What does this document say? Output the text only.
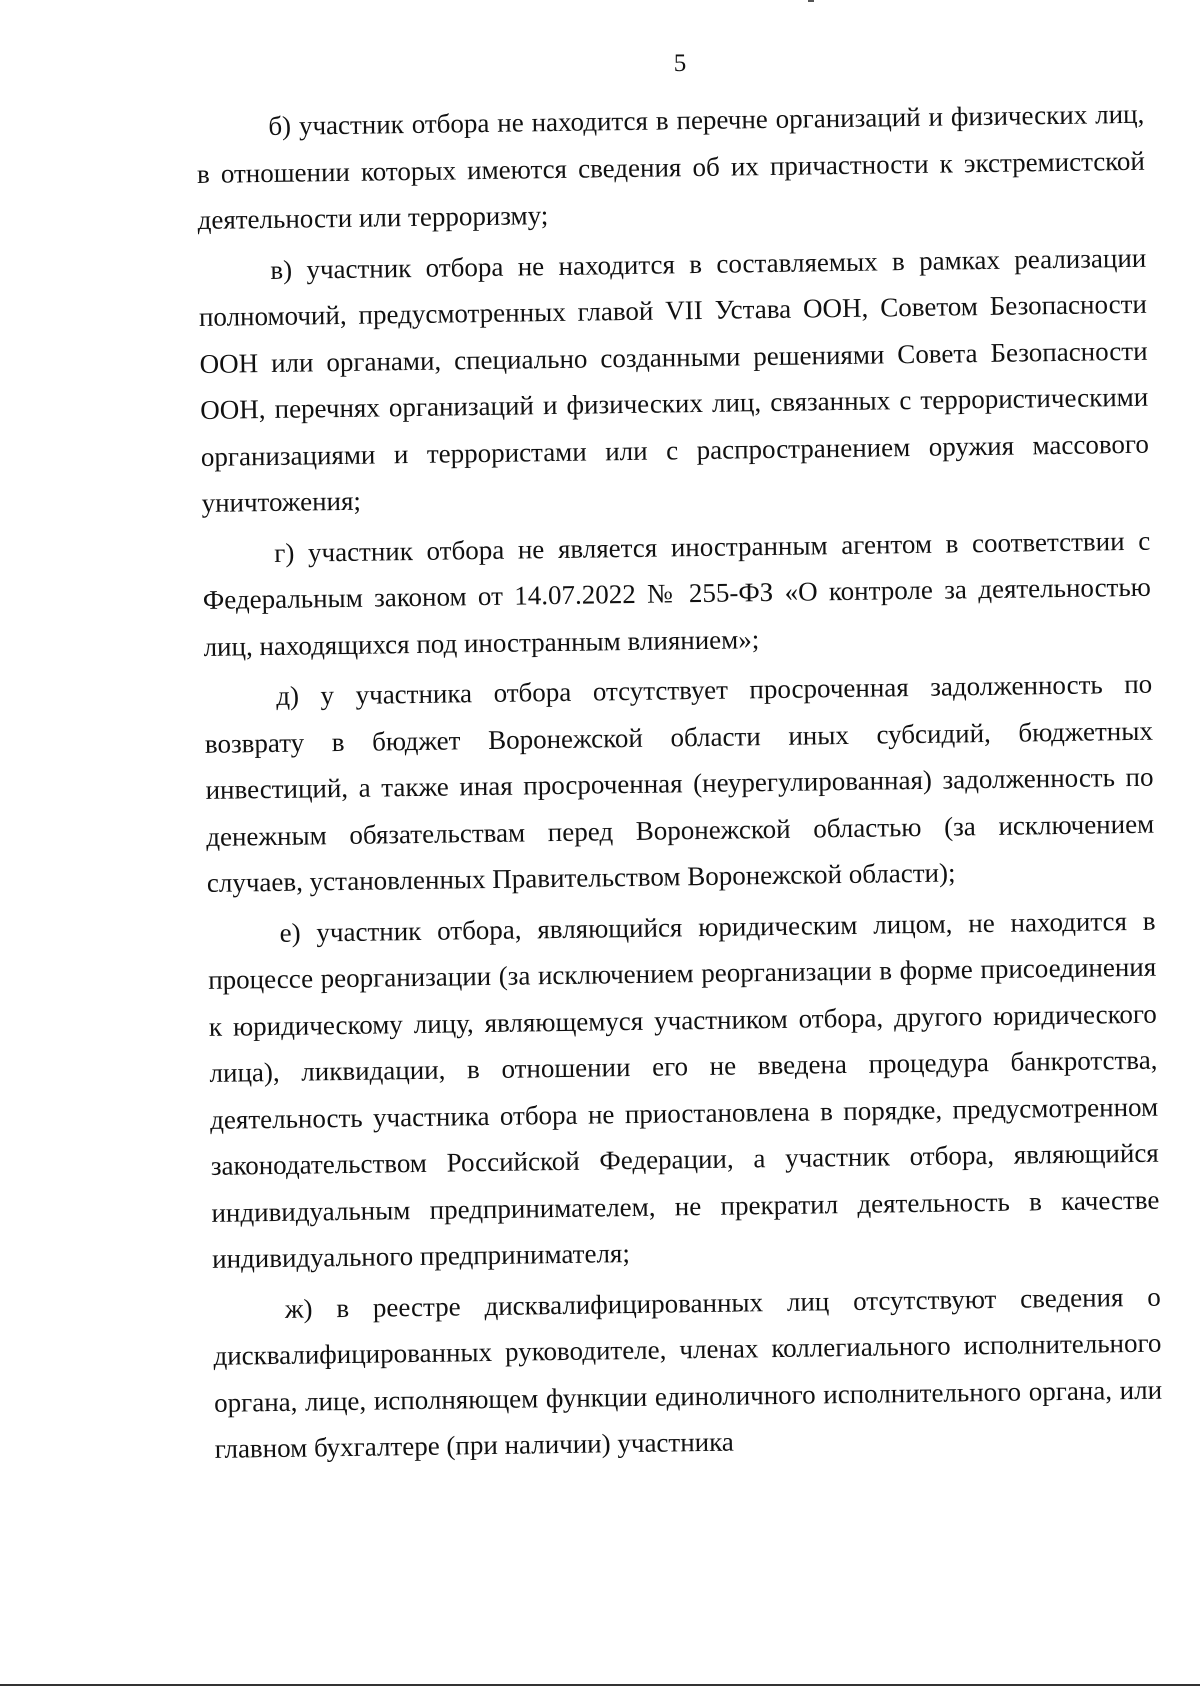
5

б) участник отбора не находится в перечне организаций и физических лиц, в отношении которых имеются сведения об их причастности к экстремистской деятельности или терроризму;

в) участник отбора не находится в составляемых в рамках реализации полномочий, предусмотренных главой VII Устава ООН, Советом Безопасности ООН или органами, специально созданными решениями Совета Безопасности ООН, перечнях организаций и физических лиц, связанных с террористическими организациями и террористами или с распространением оружия массового уничтожения;

г) участник отбора не является иностранным агентом в соответствии с Федеральным законом от 14.07.2022 № 255-ФЗ «О контроле за деятельностью лиц, находящихся под иностранным влиянием»;

д) у участника отбора отсутствует просроченная задолженность по возврату в бюджет Воронежской области иных субсидий, бюджетных инвестиций, а также иная просроченная (неурегулированная) задолженность по денежным обязательствам перед Воронежской областью (за исключением случаев, установленных Правительством Воронежской области);

е) участник отбора, являющийся юридическим лицом, не находится в процессе реорганизации (за исключением реорганизации в форме присоединения к юридическому лицу, являющемуся участником отбора, другого юридического лица), ликвидации, в отношении его не введена процедура банкротства, деятельность участника отбора не приостановлена в порядке, предусмотренном законодательством Российской Федерации, а участник отбора, являющийся индивидуальным предпринимателем, не прекратил деятельность в качестве индивидуального предпринимателя;

ж) в реестре дисквалифицированных лиц отсутствуют сведения о дисквалифицированных руководителе, членах коллегиального исполнительного органа, лице, исполняющем функции единоличного исполнительного органа, или главном бухгалтере (при наличии) участника
